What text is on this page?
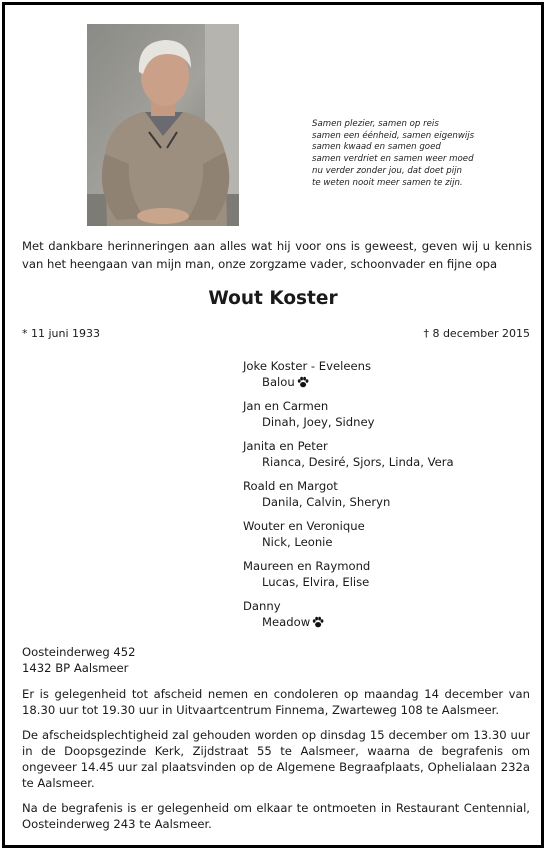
Samen plezier, samen op reis
samen een éénheid, samen eigenwijs
samen kwaad en samen goed
samen verdriet en samen weer moed
nu verder zonder jou, dat doet pijn
te weten nooit meer samen te zijn.
Met dankbare herinneringen aan alles wat hij voor ons is geweest, geven wij u kennis van het heengaan van mijn man, onze zorgzame vader, schoonvader en fijne opa
Wout Koster
* 11 juni 1933	† 8 december 2015
Joke Koster - Eveleens
Balou
Jan en Carmen
Dinah, Joey, Sidney
Janita en Peter
Rianca, Desiré, Sjors, Linda, Vera
Roald en Margot
Danila, Calvin, Sheryn
Wouter en Veronique
Nick, Leonie
Maureen en Raymond
Lucas, Elvira, Elise
Danny
Meadow
Oosteinderweg 452
1432 BP Aalsmeer

Er is gelegenheid tot afscheid nemen en condoleren op maandag 14 december van 18.30 uur tot 19.30 uur in Uitvaartcentrum Finnema, Zwarteweg 108 te Aalsmeer.

De afscheidsplechtigheid zal gehouden worden op dinsdag 15 december om 13.30 uur in de Doopsgezinde Kerk, Zijdstraat 55 te Aalsmeer, waarna de begrafenis om ongeveer 14.45 uur zal plaatsvinden op de Algemene Begraafplaats, Ophelialaan 232a te Aalsmeer.

Na de begrafenis is er gelegenheid om elkaar te ontmoeten in Restaurant Centennial, Oosteinderweg 243 te Aalsmeer.
